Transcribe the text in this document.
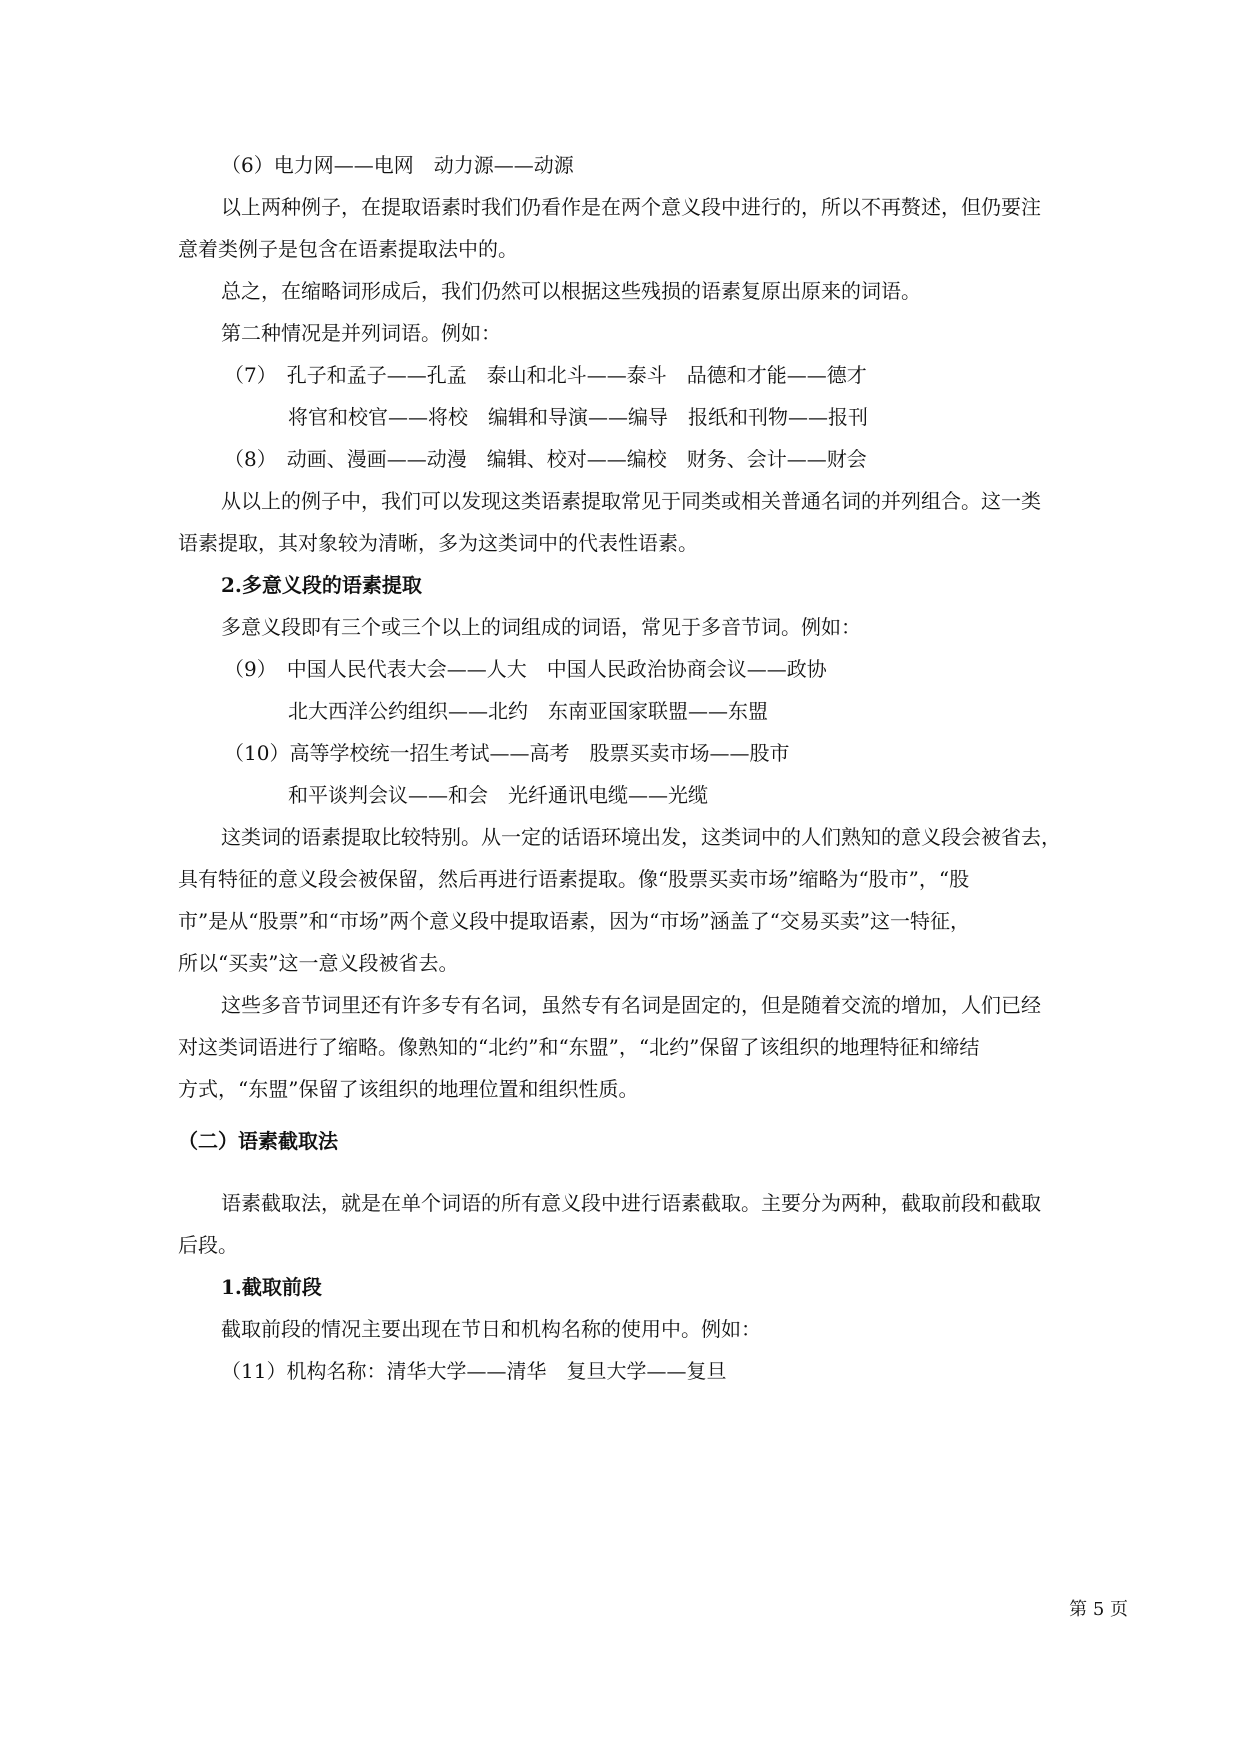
（6）电力网——电网　动力源——动源
以上两种例子，在提取语素时我们仍看作是在两个意义段中进行的，所以不再赘述，但仍要注
意着类例子是包含在语素提取法中的。
总之，在缩略词形成后，我们仍然可以根据这些残损的语素复原出原来的词语。
第二种情况是并列词语。例如：
（7）　孔子和孟子——孔孟　泰山和北斗——泰斗　品德和才能——德才
将官和校官——将校　编辑和导演——编导　报纸和刊物——报刊
（8）　动画、漫画——动漫　编辑、校对——编校　财务、会计——财会
从以上的例子中，我们可以发现这类语素提取常见于同类或相关普通名词的并列组合。这一类
语素提取，其对象较为清晰，多为这类词中的代表性语素。
2.多意义段的语素提取
多意义段即有三个或三个以上的词组成的词语，常见于多音节词。例如：
（9）　中国人民代表大会——人大　中国人民政治协商会议——政协
北大西洋公约组织——北约　东南亚国家联盟——东盟
（10）高等学校统一招生考试——高考　股票买卖市场——股市
和平谈判会议——和会　光纤通讯电缆——光缆
这类词的语素提取比较特别。从一定的话语环境出发，这类词中的人们熟知的意义段会被省去，
具有特征的意义段会被保留，然后再进行语素提取。像“股票买卖市场”缩略为“股市”，“股
市”是从“股票”和“市场”两个意义段中提取语素，因为“市场”涵盖了“交易买卖”这一特征，
所以“买卖”这一意义段被省去。
这些多音节词里还有许多专有名词，虽然专有名词是固定的，但是随着交流的增加，人们已经
对这类词语进行了缩略。像熟知的“北约”和“东盟”，“北约”保留了该组织的地理特征和缔结
方式，“东盟”保留了该组织的地理位置和组织性质。
（二）语素截取法
语素截取法，就是在单个词语的所有意义段中进行语素截取。主要分为两种，截取前段和截取
后段。
1.截取前段
截取前段的情况主要出现在节日和机构名称的使用中。例如：
（11）机构名称：清华大学——清华　复旦大学——复旦
第 5 页
